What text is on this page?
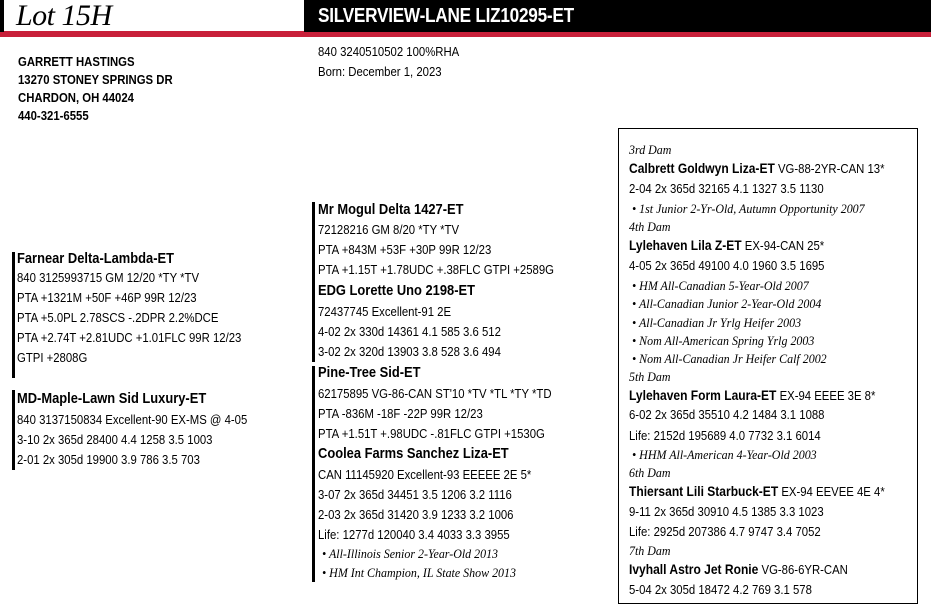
Lot 15H	SILVERVIEW-LANE LIZ10295-ET
GARRETT HASTINGS
13270 STONEY SPRINGS DR
CHARDON, OH 44024
440-321-6555
840 3240510502 100%RHA
Born: December 1, 2023
Farnear Delta-Lambda-ET
840 3125993715 GM 12/20 *TY *TV
PTA +1321M +50F +46P 99R 12/23
PTA +5.0PL 2.78SCS -.2DPR 2.2%DCE
PTA +2.74T +2.81UDC +1.01FLC 99R 12/23
GTPI +2808G
MD-Maple-Lawn Sid Luxury-ET
840 3137150834 Excellent-90 EX-MS @ 4-05
3-10 2x 365d 28400 4.4 1258 3.5 1003
2-01 2x 305d 19900 3.9 786 3.5 703
Mr Mogul Delta 1427-ET
72128216 GM 8/20 *TY *TV
PTA +843M +53F +30P 99R 12/23
PTA +1.15T +1.78UDC +.38FLC GTPI +2589G
EDG Lorette Uno 2198-ET
72437745 Excellent-91 2E
4-02 2x 330d 14361 4.1 585 3.6 512
3-02 2x 320d 13903 3.8 528 3.6 494
Pine-Tree Sid-ET
62175895 VG-86-CAN ST'10 *TV *TL *TY *TD
PTA -836M -18F -22P 99R 12/23
PTA +1.51T +.98UDC -.81FLC GTPI +1530G
Coolea Farms Sanchez Liza-ET
CAN 11145920 Excellent-93 EEEEE 2E 5*
3-07 2x 365d 34451 3.5 1206 3.2 1116
2-03 2x 365d 31420 3.9 1233 3.2 1006
Life: 1277d 120040 3.4 4033 3.3 3955
• All-Illinois Senior 2-Year-Old 2013
• HM Int Champion, IL State Show 2013
3rd Dam
Calbrett Goldwyn Liza-ET VG-88-2YR-CAN 13*
2-04 2x 365d 32165 4.1 1327 3.5 1130
• 1st Junior 2-Yr-Old, Autumn Opportunity 2007
4th Dam
Lylehaven Lila Z-ET EX-94-CAN 25*
4-05 2x 365d 49100 4.0 1960 3.5 1695
• HM All-Canadian 5-Year-Old 2007
• All-Canadian Junior 2-Year-Old 2004
• All-Canadian Jr Yrlg Heifer 2003
• Nom All-American Spring Yrlg 2003
• Nom All-Canadian Jr Heifer Calf 2002
5th Dam
Lylehaven Form Laura-ET EX-94 EEEE 3E 8*
6-02 2x 365d 35510 4.2 1484 3.1 1088
Life: 2152d 195689 4.0 7732 3.1 6014
• HHM All-American 4-Year-Old 2003
6th Dam
Thiersant Lili Starbuck-ET EX-94 EEVEE 4E 4*
9-11 2x 365d 30910 4.5 1385 3.3 1023
Life: 2925d 207386 4.7 9747 3.4 7052
7th Dam
Ivyhall Astro Jet Ronie VG-86-6YR-CAN
5-04 2x 305d 18472 4.2 769 3.1 578
